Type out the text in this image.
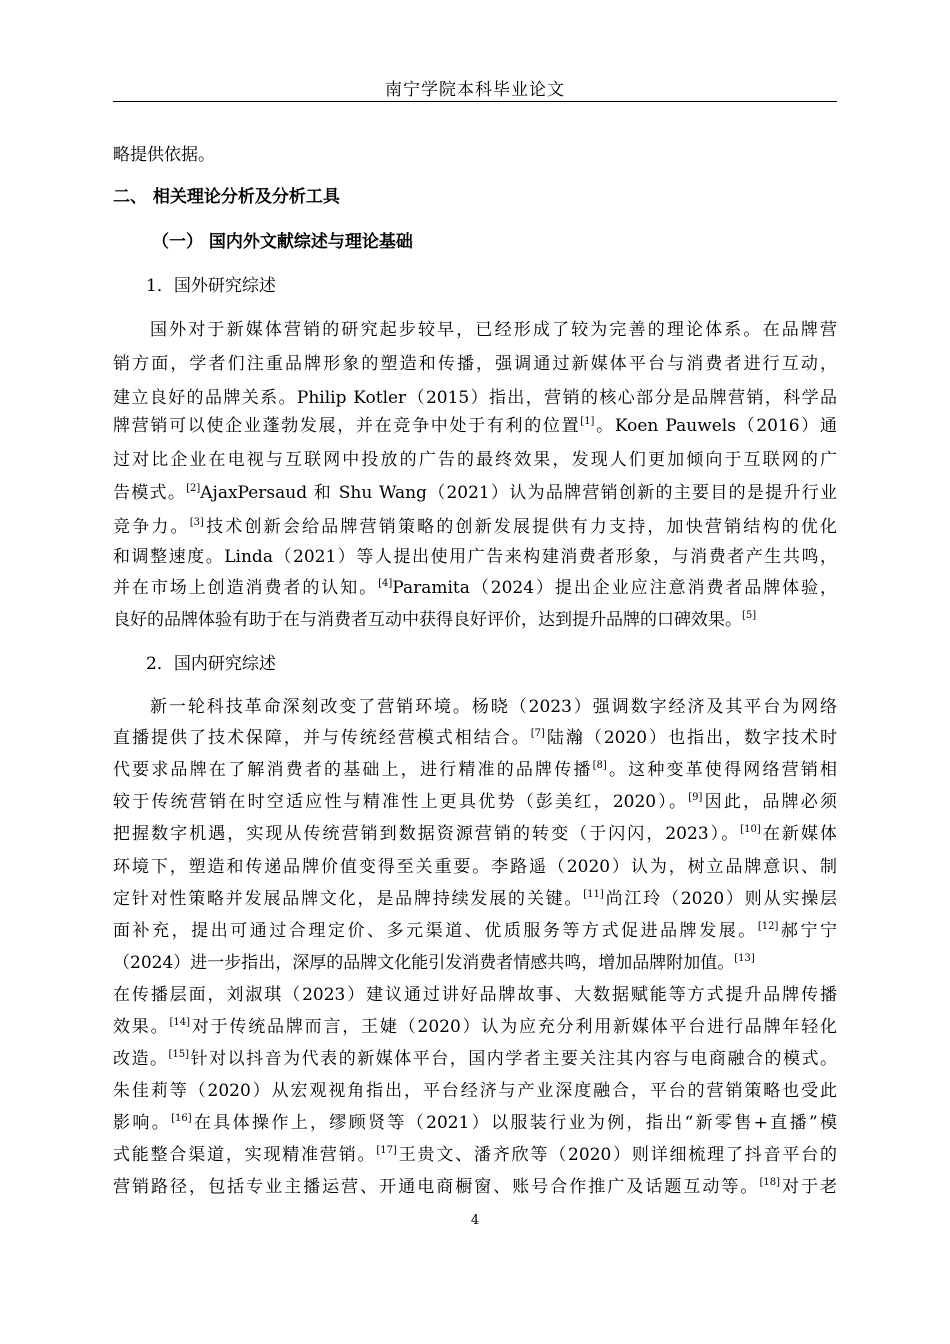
南宁学院本科毕业论文
略提供依据。
二、 相关理论分析及分析工具
（一） 国内外文献综述与理论基础
1．国外研究综述
国外对于新媒体营销的研究起步较早，已经形成了较为完善的理论体系。在品牌营
销方面，学者们注重品牌形象的塑造和传播，强调通过新媒体平台与消费者进行互动，
建立良好的品牌关系。Philip Kotler（2015）指出，营销的核心部分是品牌营销，科学品
牌营销可以使企业蓬勃发展，并在竞争中处于有利的位置[1]。Koen Pauwels（2016）通
过对比企业在电视与互联网中投放的广告的最终效果，发现人们更加倾向于互联网的广
告模式。[2]AjaxPersaud 和 Shu Wang（2021）认为品牌营销创新的主要目的是提升行业
竞争力。[3]技术创新会给品牌营销策略的创新发展提供有力支持，加快营销结构的优化
和调整速度。Linda（2021）等人提出使用广告来构建消费者形象，与消费者产生共鸣，
并在市场上创造消费者的认知。[4]Paramita（2024）提出企业应注意消费者品牌体验，
良好的品牌体验有助于在与消费者互动中获得良好评价，达到提升品牌的口碑效果。[5]
2．国内研究综述
新一轮科技革命深刻改变了营销环境。杨晓（2023）强调数字经济及其平台为网络
直播提供了技术保障，并与传统经营模式相结合。[7]陆瀚（2020）也指出，数字技术时
代要求品牌在了解消费者的基础上，进行精准的品牌传播[8]。这种变革使得网络营销相
较于传统营销在时空适应性与精准性上更具优势（彭美红，2020）。[9]因此，品牌必须
把握数字机遇，实现从传统营销到数据资源营销的转变（于闪闪，2023）。[10]在新媒体
环境下，塑造和传递品牌价值变得至关重要。李路遥（2020）认为，树立品牌意识、制
定针对性策略并发展品牌文化，是品牌持续发展的关键。[11]尚江玲（2020）则从实操层
面补充，提出可通过合理定价、多元渠道、优质服务等方式促进品牌发展。[12]郝宁宁
（2024）进一步指出，深厚的品牌文化能引发消费者情感共鸣，增加品牌附加值。[13]
在传播层面，刘淑琪（2023）建议通过讲好品牌故事、大数据赋能等方式提升品牌传播
效果。[14]对于传统品牌而言，王婕（2020）认为应充分利用新媒体平台进行品牌年轻化
改造。[15]针对以抖音为代表的新媒体平台，国内学者主要关注其内容与电商融合的模式。
朱佳莉等（2020）从宏观视角指出，平台经济与产业深度融合，平台的营销策略也受此
影响。[16]在具体操作上，缪顾贤等（2021）以服装行业为例，指出“新零售+直播”模
式能整合渠道，实现精准营销。[17]王贵文、潘齐欣等（2020）则详细梳理了抖音平台的
营销路径，包括专业主播运营、开通电商橱窗、账号合作推广及话题互动等。[18]对于老
4
